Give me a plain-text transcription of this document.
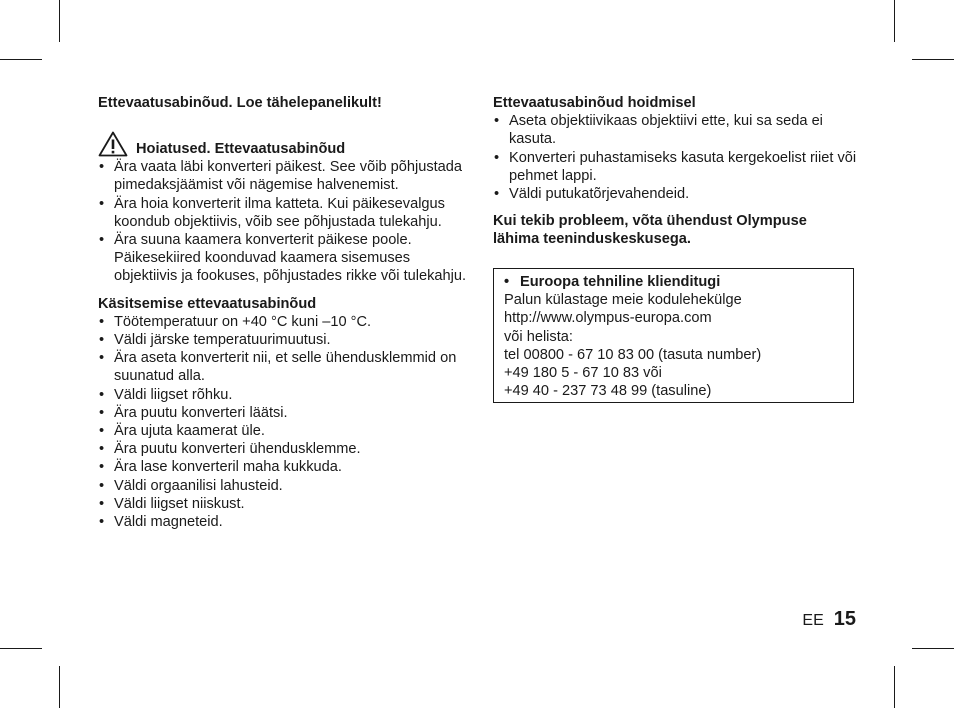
Ettevaatusabinõud. Loe tähelepanelikult!

Hoiatused. Ettevaatusabinõud
• Ära vaata läbi konverteri päikest. See võib põhjustada pimedaksjäämist või nägemise halvenemist.
• Ära hoia konverterit ilma katteta. Kui päikesevalgus koondub objektiivis, võib see põhjustada tulekahju.
• Ära suuna kaamera konverterit päikese poole. Päikesekiired koonduvad kaamera sisemuses objektiivis ja fookuses, põhjustades rikke või tulekahju.

Käsitsemise ettevaatusabinõud

• Töötemperatuur on +40 °C kuni –10 °C.
• Väldi järske temperatuurimuutusi.
• Ära aseta konverterit nii, et selle ühendusklemmid on suunatud alla.
• Väldi liigset rõhku.
• Ära puutu konverteri läätsi.
• Ära ujuta kaamerat üle.
• Ära puutu konverteri ühendusklemme.
• Ära lase konverteril maha kukkuda.
• Väldi orgaanilisi lahusteid.
• Väldi liigset niiskust.
• Väldi magneteid.

Ettevaatusabinõud hoidmisel

• Aseta objektiivikaas objektiivi ette, kui sa seda ei kasuta.
• Konverteri puhastamiseks kasuta kergekoelist riiet või pehmet lappi.
• Väldi putukatõrjevahendeid.

Kui tekib probleem, võta ühendust Olympuse lähima teeninduskeskusega.

• Euroopa tehniline klienditugi

Palun külastage meie kodulehekülge

http://www.olympus-europa.com

või helista:

tel 00800 - 67 10 83 00 (tasuta number)

+49 180 5 - 67 10 83 või

+49 40 - 237 73 48 99 (tasuline)

EE 15
